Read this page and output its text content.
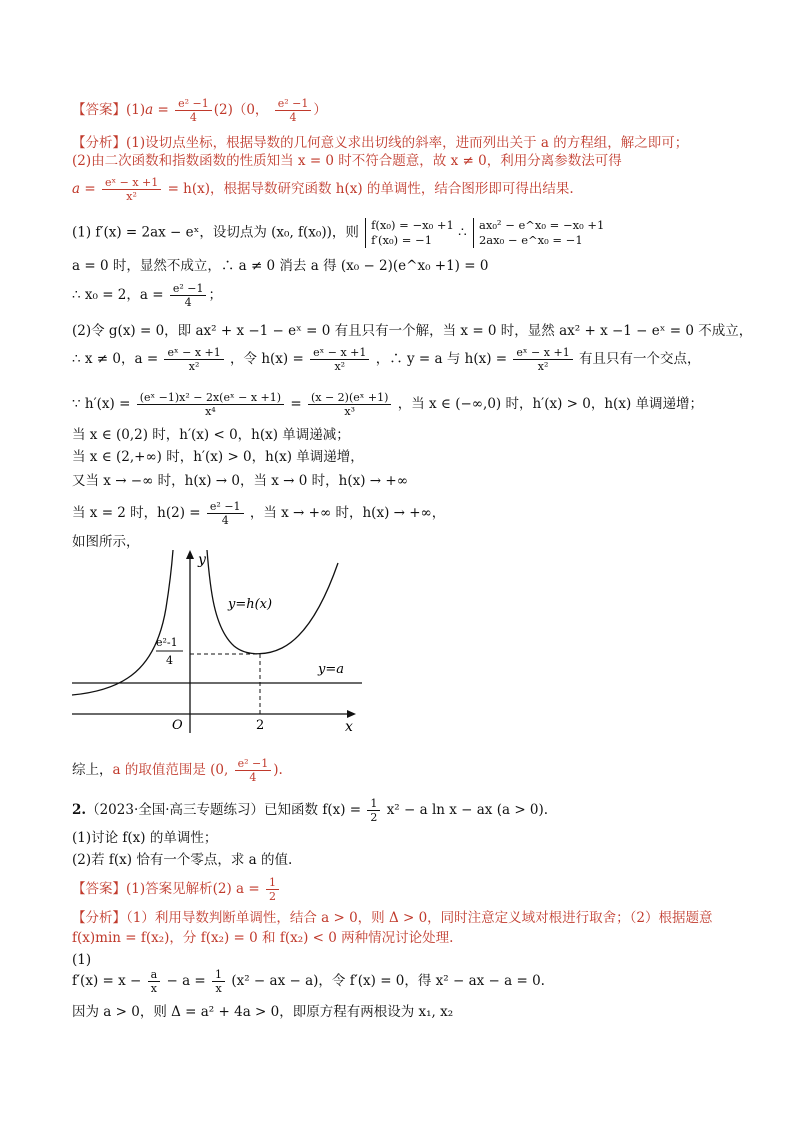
【答案】$(1)a = \frac{\text{e² −1}}{4} (2)(0$， $\frac{\text{e² −1}}{4}$ ）
【分析】(1)设切点坐标，根据导数的几何意义求出切线的斜率，进而列出关于 a 的方程组，解之即可；
(2)由二次函数和指数函数的性质知当 x = 0 时不符合题意，故 x ≠ 0，利用分离参数法可得
$a = \frac{\text{eˣ − x +1}}{\text{x²}} = h(x)$，根据导数研究函数 h(x) 的单调性，结合图形即可得出结果.
(1) f′(x) = 2ax − eˣ，设切点为 (x₀, f(x₀))，则 f(x₀) = −x₀ +1
f′(x₀) = −1	∴ ax₀² − e^x₀ = −x₀ +1
2ax₀ − e^x₀ = −1
a = 0 时，显然不成立，∴ a ≠ 0 消去 a 得 (x₀ − 2)(e^x₀ +1) = 0
∴ x₀ = 2，$a = \frac{\text{e² −1}}{4}$ ；
(2)令 g(x) = 0，即 ax² + x −1 − eˣ = 0 有且只有一个解，当 x = 0 时，显然 ax² + x −1 − eˣ = 0 不成立，
∴ x ≠ 0，$a = \frac{\text{eˣ − x +1}}{\text{x²}}$ ，令 $h(x) = \frac{\text{eˣ − x +1}}{\text{x²}}$ ，∴ y = a 与 $h(x) = \frac{\text{eˣ − x +1}}{\text{x²}}$ 有且只有一个交点，
∵ $h'(x) = \frac{\text{(eˣ −1)x² − 2x(eˣ − x +1)}}{\text{x⁴}} = \frac{\text{(x − 2)(eˣ +1)}}{\text{x³}}$ ，当 x ∈ (−∞,0) 时，h′(x) > 0，h(x) 单调递增；
当 x ∈ (0,2) 时，h′(x) < 0，h(x) 单调递减；
当 x ∈ (2,+∞) 时，h′(x) > 0，h(x) 单调递增，
又当 x → −∞ 时，h(x) → 0，当 x → 0 时，h(x) → +∞
当 x = 2 时，$h(2) = \frac{\text{e² −1}}{4}$ ，当 x → +∞ 时，h(x) → +∞，
如图所示，
y
x
O	2
y=h(x)
y=a
e²-1
4
综上，a 的取值范围是 (0, $\frac{\text{e² −1}}{4}$ ).
2.（2023·全国·高三专题练习）已知函数 $f(x) = \frac{1}{2} x^2 - a$ ln x − ax (a > 0).
(1)讨论 f(x) 的单调性；
(2)若 f(x) 恰有一个零点，求 a 的值.
【答案】(1)答案见解析(2) $a = \frac{1}{2}$
【分析】（1）利用导数判断单调性，结合 a > 0，则 Δ > 0，同时注意定义域对根进行取舍；（2）根据题意
f(x)min = f(x₂)，分 f(x₂) = 0 和 f(x₂) < 0 两种情况讨论处理.
(1)
$f'(x) = x - \frac{a}{x} - a = \frac{1}{x} (x^2$ − ax − a)，令 f′(x) = 0，得 x² − ax − a = 0.
因为 a > 0，则 Δ = a² + 4a > 0，即原方程有两根设为 x₁, x₂
